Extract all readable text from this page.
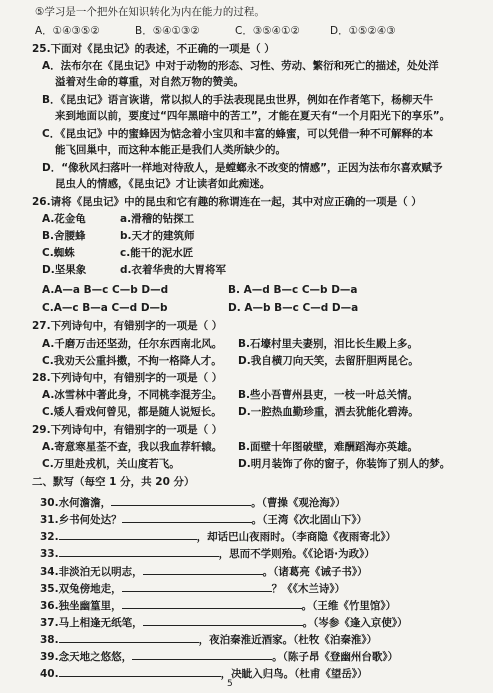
⑤学习是一个把外在知识转化为内在能力的过程。
A．①④③⑤②	B．⑤④①③②	C．③⑤④①②	D．①⑤②④③
25.下面对《昆虫记》的表述，不正确的一项是（ ）
A．法布尔在《昆虫记》中对于动物的形态、习性、劳动、繁衍和死亡的描述，处处洋
溢着对生命的尊重，对自然万物的赞美。
B．《昆虫记》语言诙谐，常以拟人的手法表现昆虫世界，例如在作者笔下，杨柳天牛
来到地面以前，要度过“四年黑暗中的苦工”，才能在夏天有“一个月阳光下的享乐”。
C．《昆虫记》中的蜜蜂因为惦念着小宝贝和丰富的蜂蜜，可以凭借一种不可解释的本
能飞回巢中，而这种本能正是我们人类所缺少的。
D．“像秋风扫落叶一样地对待敌人，是螳螂永不改变的情感”，正因为法布尔喜欢赋予
昆虫人的情感，《昆虫记》才让读者如此痴迷。
26.请将《昆虫记》中的昆虫和它有趣的称谓连在一起，其中对应正确的一项是（ ）
A.花金龟	a.滑稽的钻探工
B.舍腰蜂	b.天才的建筑师
C.蜘蛛	c.能干的泥水匠
D.坚果象	d.衣着华贵的大胃将军
A.A—a B—c C—b D—d	B. A—d B—c C—b D—a
C.A—c B—a C—d D—b	D. A—b B—c C—d D—a
27.下列诗句中，有错别字的一项是（ ）
A.千磨万击还坚劲，任尔东西南北风。 B.石壕村里夫妻别，泪比长生殿上多。
C.我劝天公重抖擞，不拘一格降人才。 D.我自横刀向天笑，去留肝胆两昆仑。
28.下列诗句中，有错别字的一项是（ ）
A.冰雪林中著此身，不同桃李混芳尘。 B.些小吾曹州县吏，一枝一叶总关情。
C.矮人看戏何曾见，都是随人说短长。 D.一腔热血勤珍重，洒去犹能化碧涛。
29.下列诗句中，有错别字的一项是（ ）
A.寄意寒星荃不查，我以我血荐轩辕。 B.面壁十年图破壁，难酬蹈海亦英雄。
C.万里赴戎机，关山度若飞。	D.明月装饰了你的窗子，你装饰了别人的梦。
二、默写（每空 1 分，共 20 分）
30.水何澹澹，	。（曹操《观沧海》）
31.乡书何处达？	。（王湾《次北固山下》）
32.	，却话巴山夜雨时。（李商隐《夜雨寄北》）
33.	，思而不学则殆。《《论语·为政》）
34.非淡泊无以明志，	。（诸葛亮《诫子书》）
35.双兔傍地走，	？《《木兰诗》）
36.独坐幽篁里，	。（王维《竹里馆》）
37.马上相逢无纸笔，	。（岑参《逢入京使》）
38.	，夜泊秦淮近酒家。（杜牧《泊秦淮》）
39.念天地之悠悠，	。（陈子昂《登幽州台歌》）
40.	，决眦入归鸟。（杜甫《望岳》）
5
